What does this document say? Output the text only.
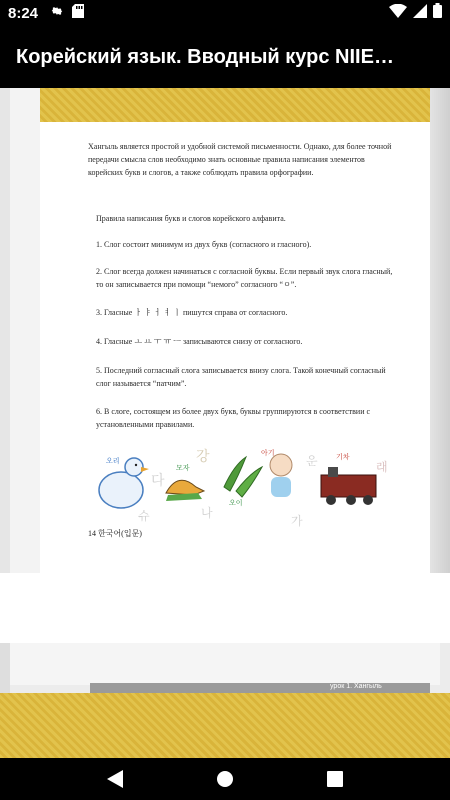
8:24
Корейский язык. Вводный курс NIIE…
урок 1. Хангыль
Хангыль является простой и удобной системой письменности. Однако, для более точной передачи смысла слов необходимо знать основные правила написания элементов корейских букв и слогов, а также соблюдать правила орфографии.
Правила написания букв и слогов корейского алфавита.
1. Слог состоит минимум из двух букв (согласного и гласного).
2. Слог всегда должен начинаться с согласной буквы. Если первый звук слога гласный, то он записывается при помощи “немого” согласного “ㅇ”.
3. Гласные ㅏ ㅑ ㅓ ㅕ ㅣ пишутся справа от согласного.
4. Гласные ㅗ ㅛ ㅜ ㅠ ㅡ записываются снизу от согласного.
5. Последний согласный слога записывается внизу слога. Такой конечный согласный слог называется “патчим”.
6. В слоге, состоящем из более двух букв, буквы группируются в соответствии с установленными правилами.
오리
모자
오이
아기
기차
다
강
슈	나
가
운	래
14 한국어(입문)
